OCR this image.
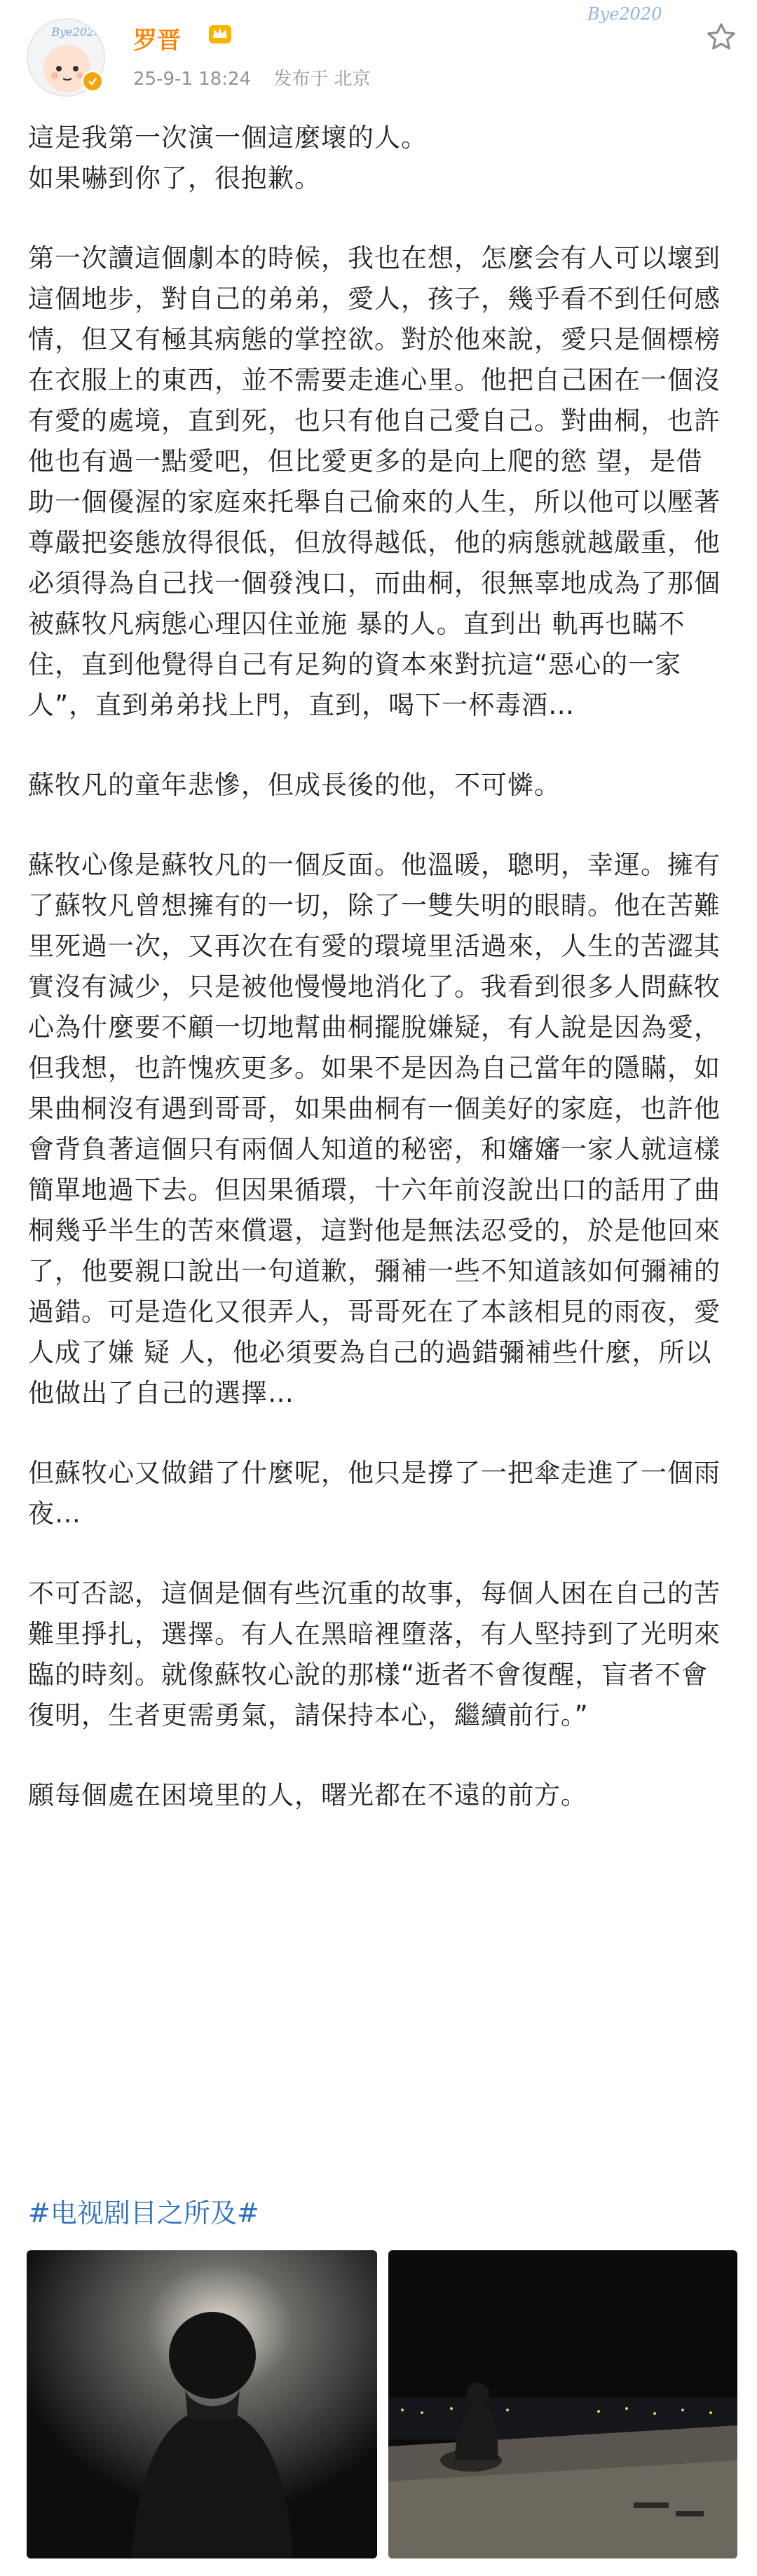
Bye2020 罗晋
25-9-1 18:24 发布于 北京
Bye2020

這是我第一次演一個這麼壞的人。
如果嚇到你了，很抱歉。

第一次讀這個劇本的時候，我也在想，怎麼会有人可以壞到這個地步，對自己的弟弟，愛人，孩子，幾乎看不到任何感情，但又有極其病態的掌控欲。對於他來說，愛只是個標榜在衣服上的東西，並不需要走進心里。他把自己困在一個沒有愛的處境，直到死，也只有他自己愛自己。對曲桐，也許他也有過一點愛吧，但比愛更多的是向上爬的慾 望，是借助一個優渥的家庭來托舉自己偷來的人生，所以他可以壓著尊嚴把姿態放得很低，但放得越低，他的病態就越嚴重，他必須得為自己找一個發洩口，而曲桐，很無辜地成為了那個被蘇牧凡病態心理囚住並施 暴的人。直到出 軌再也瞞不住，直到他覺得自己有足夠的資本來對抗這“惡心的一家人”，直到弟弟找上門，直到，喝下一杯毒酒…

蘇牧凡的童年悲慘，但成長後的他，不可憐。

蘇牧心像是蘇牧凡的一個反面。他溫暖，聰明，幸運。擁有了蘇牧凡曾想擁有的一切，除了一雙失明的眼睛。他在苦難里死過一次，又再次在有愛的環境里活過來，人生的苦澀其實沒有減少，只是被他慢慢地消化了。我看到很多人問蘇牧心為什麼要不顧一切地幫曲桐擺脫嫌疑，有人說是因為愛，但我想，也許愧疚更多。如果不是因為自己當年的隱瞞，如果曲桐沒有遇到哥哥，如果曲桐有一個美好的家庭，也許他會背負著這個只有兩個人知道的秘密，和嬸嬸一家人就這樣簡單地過下去。但因果循環，十六年前沒說出口的話用了曲桐幾乎半生的苦來償還，這對他是無法忍受的，於是他回來了，他要親口說出一句道歉，彌補一些不知道該如何彌補的過錯。可是造化又很弄人，哥哥死在了本該相見的雨夜，愛人成了嫌 疑 人，他必須要為自己的過錯彌補些什麼，所以他做出了自己的選擇…

但蘇牧心又做錯了什麼呢，他只是撐了一把傘走進了一個雨夜…

不可否認，這個是個有些沉重的故事，每個人困在自己的苦難里掙扎，選擇。有人在黑暗裡墮落，有人堅持到了光明來臨的時刻。就像蘇牧心說的那樣“逝者不會復醒，盲者不會復明，生者更需勇氣，請保持本心，繼續前行。”

願每個處在困境里的人，曙光都在不遠的前方。

#电视剧目之所及#
